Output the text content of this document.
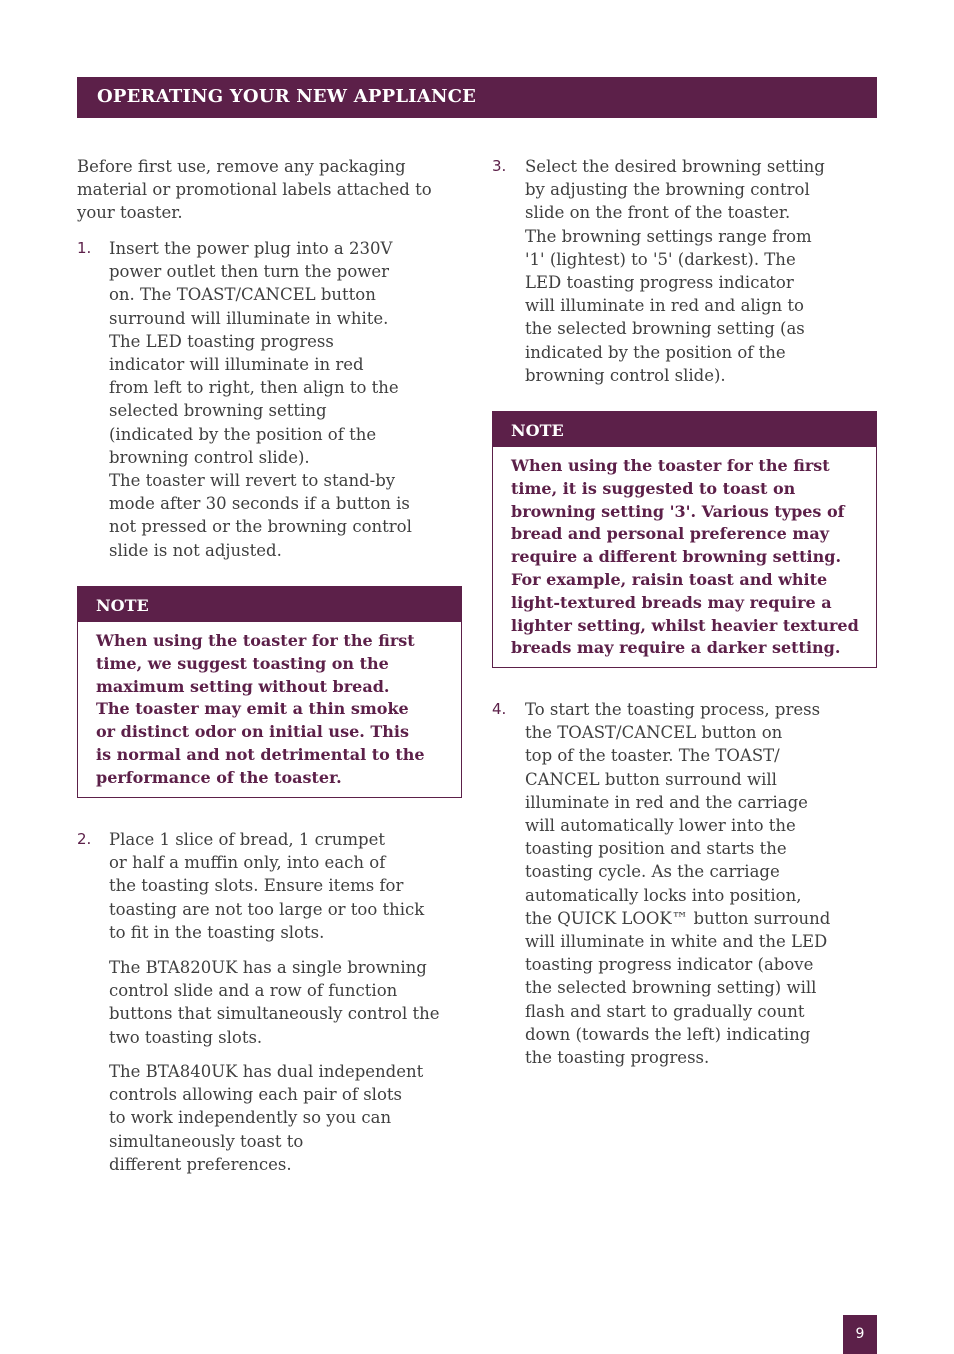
OPERATING YOUR NEW APPLIANCE

Before first use, remove any packaging

material or promotional labels attached to

your toaster.

1. Insert the power plug into a 230V

power outlet then turn the power

on. The TOAST/CANCEL button

surround will illuminate in white.

The LED toasting progress

indicator will illuminate in red

from left to right, then align to the

selected browning setting

(indicated by the position of the

browning control slide).

The toaster will revert to stand-by

mode after 30 seconds if a button is

not pressed or the browning control

slide is not adjusted.

NOTE

When using the toaster for the first

time, we suggest toasting on the

maximum setting without bread.

The toaster may emit a thin smoke

or distinct odor on initial use. This

is normal and not detrimental to the

performance of the toaster.

2. Place 1 slice of bread, 1 crumpet

or half a muffin only, into each of

the toasting slots. Ensure items for

toasting are not too large or too thick

to fit in the toasting slots.

The BTA820UK has a single browning

control slide and a row of function

buttons that simultaneously control the

two toasting slots.

The BTA840UK has dual independent

controls allowing each pair of slots

to work independently so you can

simultaneously toast to

different preferences.

3. Select the desired browning setting

by adjusting the browning control

slide on the front of the toaster.

The browning settings range from

'1' (lightest) to '5' (darkest). The

LED toasting progress indicator

will illuminate in red and align to

the selected browning setting (as

indicated by the position of the

browning control slide).

NOTE

When using the toaster for the first

time, it is suggested to toast on

browning setting '3'. Various types of

bread and personal preference may

require a different browning setting.

For example, raisin toast and white

light-textured breads may require a

lighter setting, whilst heavier textured

breads may require a darker setting.

4. To start the toasting process, press

the TOAST/CANCEL button on

top of the toaster. The TOAST/

CANCEL button surround will

illuminate in red and the carriage

will automatically lower into the

toasting position and starts the

toasting cycle. As the carriage

automatically locks into position,

the QUICK LOOK™ button surround

will illuminate in white and the LED

toasting progress indicator (above

the selected browning setting) will

flash and start to gradually count

down (towards the left) indicating

the toasting progress.

9
